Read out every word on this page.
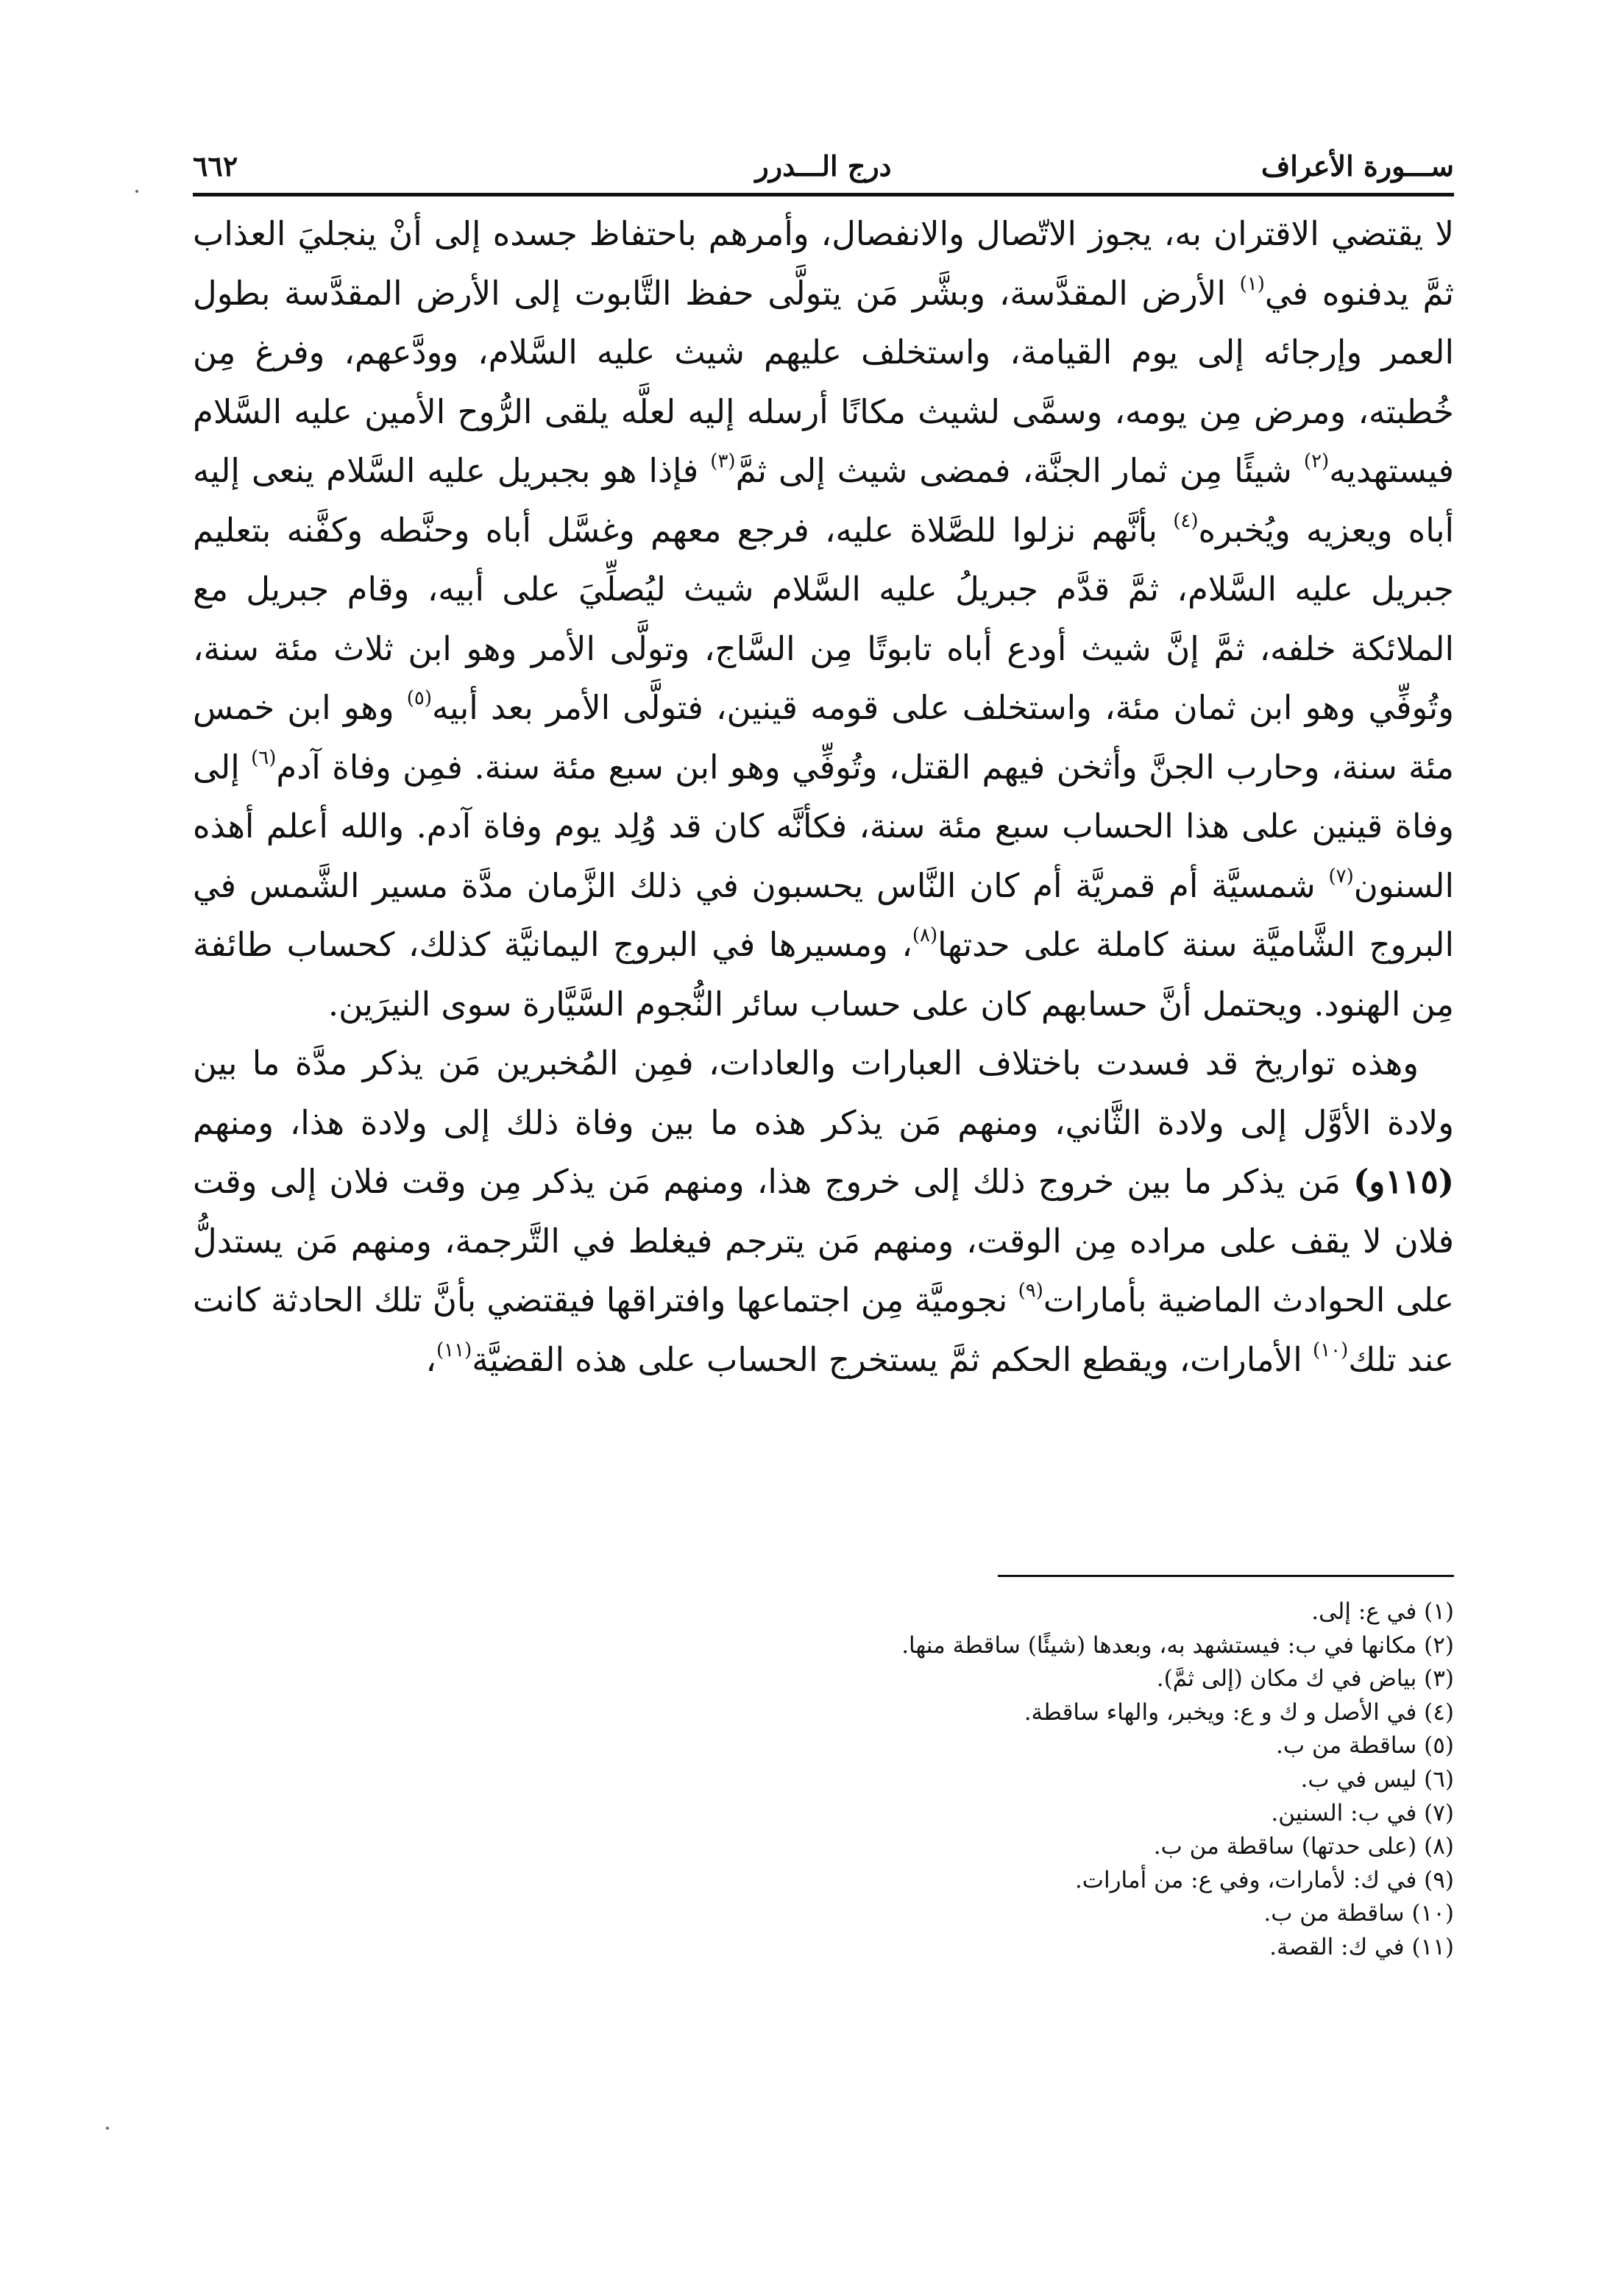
٦٦٢	درج الـــدرر	ســـورة الأعراف

لا يقتضي الاقتران به، يجوز الاتّصال والانفصال، وأمرهم باحتفاظ جسده إلى أنْ ينجليَ العذاب ثمَّ يدفنوه في$^{(١)}$ الأرض المقدَّسة، وبشَّر مَن يتولَّى حفظ التَّابوت إلى الأرض المقدَّسة بطول العمر وإرجائه إلى يوم القيامة، واستخلف عليهم شيث عليه السَّلام، وودَّعهم، وفرغ مِن خُطبته، ومرض مِن يومه، وسمَّى لشيث مكانًا أرسله إليه لعلَّه يلقى الرُّوح الأمين عليه السَّلام فيستهديه$^{(٢)}$ شيئًا مِن ثمار الجنَّة، فمضى شيث إلى ثمَّ$^{(٣)}$ فإذا هو بجبريل عليه السَّلام ينعى إليه أباه ويعزيه ويُخبره$^{(٤)}$ بأنَّهم نزلوا للصَّلاة عليه، فرجع معهم وغسَّل أباه وحنَّطه وكفَّنه بتعليم جبريل عليه السَّلام، ثمَّ قدَّم جبريلُ عليه السَّلام شيث ليُصلِّيَ على أبيه، وقام جبريل مع الملائكة خلفه، ثمَّ إنَّ شيث أودع أباه تابوتًا مِن السَّاج، وتولَّى الأمر وهو ابن ثلاث مئة سنة، وتُوفِّي وهو ابن ثمان مئة، واستخلف على قومه قينين، فتولَّى الأمر بعد أبيه$^{(٥)}$ وهو ابن خمس مئة سنة، وحارب الجنَّ وأثخن فيهم القتل، وتُوفِّي وهو ابن سبع مئة سنة. فمِن وفاة آدم$^{(٦)}$ إلى وفاة قينين على هذا الحساب سبع مئة سنة، فكأنَّه كان قد وُلِد يوم وفاة آدم. والله أعلم أهذه السنون$^{(٧)}$ شمسيَّة أم قمريَّة أم كان النَّاس يحسبون في ذلك الزَّمان مدَّة مسير الشَّمس في البروج الشَّاميَّة سنة كاملة على حدتها$^{(٨)}$، ومسيرها في البروج اليمانيَّة كذلك، كحساب طائفة مِن الهنود. ويحتمل أنَّ حسابهم كان على حساب سائر النُّجوم السَّيَّارة سوى النيرَين.

وهذه تواريخ قد فسدت باختلاف العبارات والعادات، فمِن المُخبرين مَن يذكر مدَّة ما بين ولادة الأوَّل إلى ولادة الثَّاني، ومنهم مَن يذكر هذه ما بين وفاة ذلك إلى ولادة هذا، ومنهم (١١٥و) مَن يذكر ما بين خروج ذلك إلى خروج هذا، ومنهم مَن يذكر مِن وقت فلان إلى وقت فلان لا يقف على مراده مِن الوقت، ومنهم مَن يترجم فيغلط في التَّرجمة، ومنهم مَن يستدلُّ على الحوادث الماضية بأمارات$^{(٩)}$ نجوميَّة مِن اجتماعها وافتراقها فيقتضي بأنَّ تلك الحادثة كانت عند تلك$^{(١٠)}$ الأمارات، ويقطع الحكم ثمَّ يستخرج الحساب على هذه القضيَّة$^{(١١)}$،

(١) في ع: إلى.
(٢) مكانها في ب: فيستشهد به، وبعدها (شيئًا) ساقطة منها.
(٣) بياض في ك مكان (إلى ثمَّ).
(٤) في الأصل و ك و ع: ويخبر، والهاء ساقطة.
(٥) ساقطة من ب.
(٦) ليس في ب.
(٧) في ب: السنين.
(٨) (على حدتها) ساقطة من ب.
(٩) في ك: لأمارات، وفي ع: من أمارات.
(١٠) ساقطة من ب.
(١١) في ك: القصة.
